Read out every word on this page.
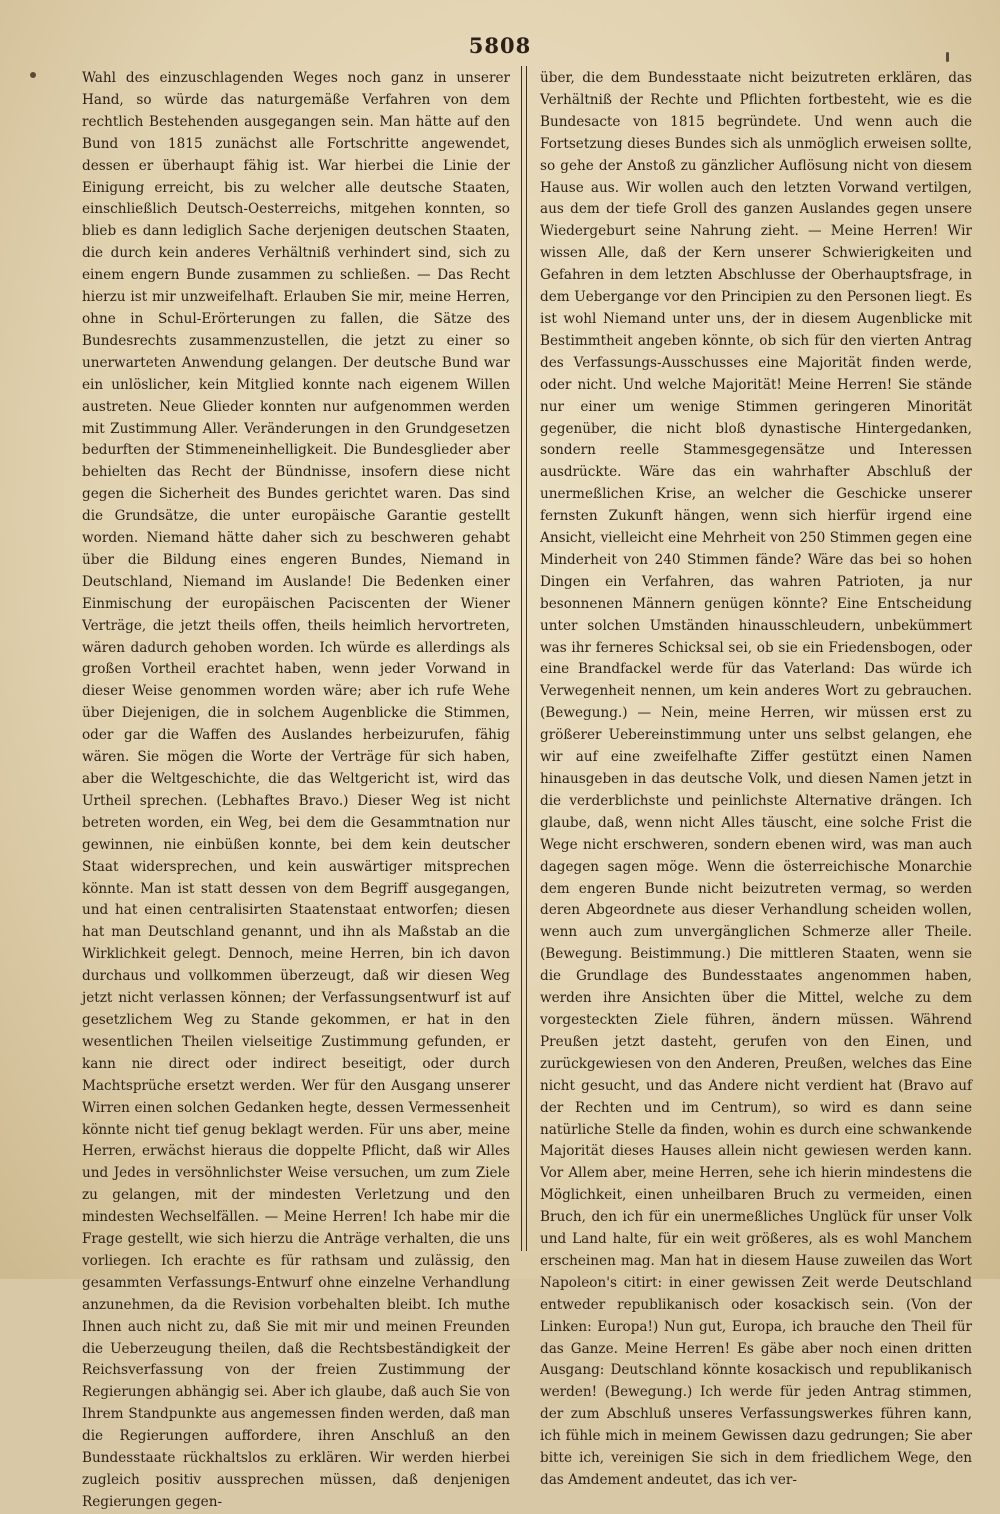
5808

Wahl des einzuschlagenden Weges noch ganz in unserer Hand, so würde das naturgemäße Verfahren von dem rechtlich Bestehenden ausgegangen sein. Man hätte auf den Bund von 1815 zunächst alle Fortschritte angewendet, dessen er überhaupt fähig ist. War hierbei die Linie der Einigung erreicht, bis zu welcher alle deutsche Staaten, einschließlich Deutsch-Oesterreichs, mitgehen konnten, so blieb es dann lediglich Sache derjenigen deutschen Staaten, die durch kein anderes Verhältniß verhindert sind, sich zu einem engern Bunde zusammen zu schließen. — Das Recht hierzu ist mir unzweifelhaft. Erlauben Sie mir, meine Herren, ohne in Schul-Erörterungen zu fallen, die Sätze des Bundesrechts zusammenzustellen, die jetzt zu einer so unerwarteten Anwendung gelangen. Der deutsche Bund war ein unlöslicher, kein Mitglied konnte nach eigenem Willen austreten. Neue Glieder konnten nur aufgenommen werden mit Zustimmung Aller. Veränderungen in den Grundgesetzen bedurften der Stimmeneinhelligkeit. Die Bundesglieder aber behielten das Recht der Bündnisse, insofern diese nicht gegen die Sicherheit des Bundes gerichtet waren. Das sind die Grundsätze, die unter europäische Garantie gestellt worden. Niemand hätte daher sich zu beschweren gehabt über die Bildung eines engeren Bundes, Niemand in Deutschland, Niemand im Auslande! Die Bedenken einer Einmischung der europäischen Paciscenten der Wiener Verträge, die jetzt theils offen, theils heimlich hervortreten, wären dadurch gehoben worden. Ich würde es allerdings als großen Vortheil erachtet haben, wenn jeder Vorwand in dieser Weise genommen worden wäre; aber ich rufe Wehe über Diejenigen, die in solchem Augenblicke die Stimmen, oder gar die Waffen des Auslandes herbeizurufen, fähig wären. Sie mögen die Worte der Verträge für sich haben, aber die Weltgeschichte, die das Weltgericht ist, wird das Urtheil sprechen. (Lebhaftes Bravo.) Dieser Weg ist nicht betreten worden, ein Weg, bei dem die Gesammtnation nur gewinnen, nie einbüßen konnte, bei dem kein deutscher Staat widersprechen, und kein auswärtiger mitsprechen könnte. Man ist statt dessen von dem Begriff ausgegangen, und hat einen centralisirten Staatenstaat entworfen; diesen hat man Deutschland genannt, und ihn als Maßstab an die Wirklichkeit gelegt. Dennoch, meine Herren, bin ich davon durchaus und vollkommen überzeugt, daß wir diesen Weg jetzt nicht verlassen können; der Verfassungsentwurf ist auf gesetzlichem Weg zu Stande gekommen, er hat in den wesentlichen Theilen vielseitige Zustimmung gefunden, er kann nie direct oder indirect beseitigt, oder durch Machtsprüche ersetzt werden. Wer für den Ausgang unserer Wirren einen solchen Gedanken hegte, dessen Vermessenheit könnte nicht tief genug beklagt werden. Für uns aber, meine Herren, erwächst hieraus die doppelte Pflicht, daß wir Alles und Jedes in versöhnlichster Weise versuchen, um zum Ziele zu gelangen, mit der mindesten Verletzung und den mindesten Wechselfällen. — Meine Herren! Ich habe mir die Frage gestellt, wie sich hierzu die Anträge verhalten, die uns vorliegen. Ich erachte es für rathsam und zulässig, den gesammten Verfassungs-Entwurf ohne einzelne Verhandlung anzunehmen, da die Revision vorbehalten bleibt. Ich muthe Ihnen auch nicht zu, daß Sie mit mir und meinen Freunden die Ueberzeugung theilen, daß die Rechtsbeständigkeit der Reichsverfassung von der freien Zustimmung der Regierungen abhängig sei. Aber ich glaube, daß auch Sie von Ihrem Standpunkte aus angemessen finden werden, daß man die Regierungen auffordere, ihren Anschluß an den Bundesstaate rückhaltslos zu erklären. Wir werden hierbei zugleich positiv aussprechen müssen, daß denjenigen Regierungen gegen-

über, die dem Bundesstaate nicht beizutreten erklären, das Verhältniß der Rechte und Pflichten fortbesteht, wie es die Bundesacte von 1815 begründete. Und wenn auch die Fortsetzung dieses Bundes sich als unmöglich erweisen sollte, so gehe der Anstoß zu gänzlicher Auflösung nicht von diesem Hause aus. Wir wollen auch den letzten Vorwand vertilgen, aus dem der tiefe Groll des ganzen Auslandes gegen unsere Wiedergeburt seine Nahrung zieht. — Meine Herren! Wir wissen Alle, daß der Kern unserer Schwierigkeiten und Gefahren in dem letzten Abschlusse der Oberhauptsfrage, in dem Uebergange vor den Principien zu den Personen liegt. Es ist wohl Niemand unter uns, der in diesem Augenblicke mit Bestimmtheit angeben könnte, ob sich für den vierten Antrag des Verfassungs-Ausschusses eine Majorität finden werde, oder nicht. Und welche Majorität! Meine Herren! Sie stände nur einer um wenige Stimmen geringeren Minorität gegenüber, die nicht bloß dynastische Hintergedanken, sondern reelle Stammesgegensätze und Interessen ausdrückte. Wäre das ein wahrhafter Abschluß der unermeßlichen Krise, an welcher die Geschicke unserer fernsten Zukunft hängen, wenn sich hierfür irgend eine Ansicht, vielleicht eine Mehrheit von 250 Stimmen gegen eine Minderheit von 240 Stimmen fände? Wäre das bei so hohen Dingen ein Verfahren, das wahren Patrioten, ja nur besonnenen Männern genügen könnte? Eine Entscheidung unter solchen Umständen hinausschleudern, unbekümmert was ihr ferneres Schicksal sei, ob sie ein Friedensbogen, oder eine Brandfackel werde für das Vaterland: Das würde ich Verwegenheit nennen, um kein anderes Wort zu gebrauchen. (Bewegung.) — Nein, meine Herren, wir müssen erst zu größerer Uebereinstimmung unter uns selbst gelangen, ehe wir auf eine zweifelhafte Ziffer gestützt einen Namen hinausgeben in das deutsche Volk, und diesen Namen jetzt in die verderblichste und peinlichste Alternative drängen. Ich glaube, daß, wenn nicht Alles täuscht, eine solche Frist die Wege nicht erschweren, sondern ebenen wird, was man auch dagegen sagen möge. Wenn die österreichische Monarchie dem engeren Bunde nicht beizutreten vermag, so werden deren Abgeordnete aus dieser Verhandlung scheiden wollen, wenn auch zum unvergänglichen Schmerze aller Theile. (Bewegung. Beistimmung.) Die mittleren Staaten, wenn sie die Grundlage des Bundesstaates angenommen haben, werden ihre Ansichten über die Mittel, welche zu dem vorgesteckten Ziele führen, ändern müssen. Während Preußen jetzt dasteht, gerufen von den Einen, und zurückgewiesen von den Anderen, Preußen, welches das Eine nicht gesucht, und das Andere nicht verdient hat (Bravo auf der Rechten und im Centrum), so wird es dann seine natürliche Stelle da finden, wohin es durch eine schwankende Majorität dieses Hauses allein nicht gewiesen werden kann. Vor Allem aber, meine Herren, sehe ich hierin mindestens die Möglichkeit, einen unheilbaren Bruch zu vermeiden, einen Bruch, den ich für ein unermeßliches Unglück für unser Volk und Land halte, für ein weit größeres, als es wohl Manchem erscheinen mag. Man hat in diesem Hause zuweilen das Wort Napoleon's citirt: in einer gewissen Zeit werde Deutschland entweder republikanisch oder kosackisch sein. (Von der Linken: Europa!) Nun gut, Europa, ich brauche den Theil für das Ganze. Meine Herren! Es gäbe aber noch einen dritten Ausgang: Deutschland könnte kosackisch und republikanisch werden! (Bewegung.) Ich werde für jeden Antrag stimmen, der zum Abschluß unseres Verfassungswerkes führen kann, ich fühle mich in meinem Gewissen dazu gedrungen; Sie aber bitte ich, vereinigen Sie sich in dem friedlichem Wege, den das Amdement andeutet, das ich ver-
